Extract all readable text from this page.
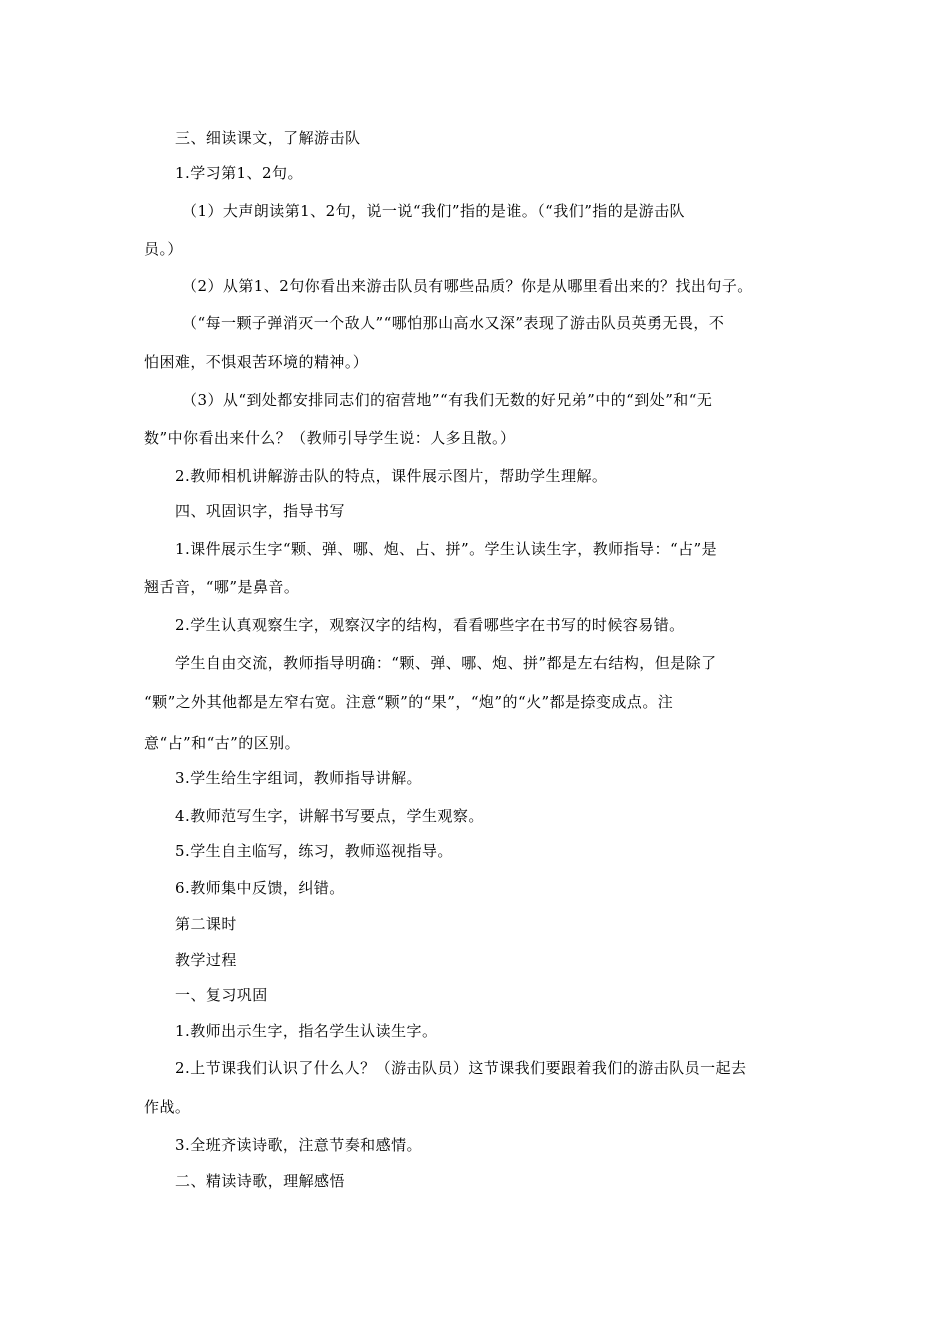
三、细读课文，了解游击队
1.学习第1、2句。
（1）大声朗读第1、2句，说一说“我们”指的是谁。（“我们”指的是游击队
员。）
（2）从第1、2句你看出来游击队员有哪些品质？你是从哪里看出来的？找出句子。
（“每一颗子弹消灭一个敌人”“哪怕那山高水又深”表现了游击队员英勇无畏，不
怕困难，不惧艰苦环境的精神。）
（3）从“到处都安排同志们的宿营地”“有我们无数的好兄弟”中的“到处”和“无
数”中你看出来什么？（教师引导学生说：人多且散。）
2.教师相机讲解游击队的特点，课件展示图片，帮助学生理解。
四、巩固识字，指导书写
1.课件展示生字“颗、弹、哪、炮、占、拼”。学生认读生字，教师指导：“占”是
翘舌音，“哪”是鼻音。
2.学生认真观察生字，观察汉字的结构，看看哪些字在书写的时候容易错。
学生自由交流，教师指导明确：“颗、弹、哪、炮、拼”都是左右结构，但是除了
“颗”之外其他都是左窄右宽。注意“颗”的“果”，“炮”的“火”都是捺变成点。注
意“占”和“古”的区别。
3.学生给生字组词，教师指导讲解。
4.教师范写生字，讲解书写要点，学生观察。
5.学生自主临写，练习，教师巡视指导。
6.教师集中反馈，纠错。
第二课时
教学过程
一、复习巩固
1.教师出示生字，指名学生认读生字。
2.上节课我们认识了什么人？（游击队员）这节课我们要跟着我们的游击队员一起去
作战。
3.全班齐读诗歌，注意节奏和感情。
二、精读诗歌，理解感悟
